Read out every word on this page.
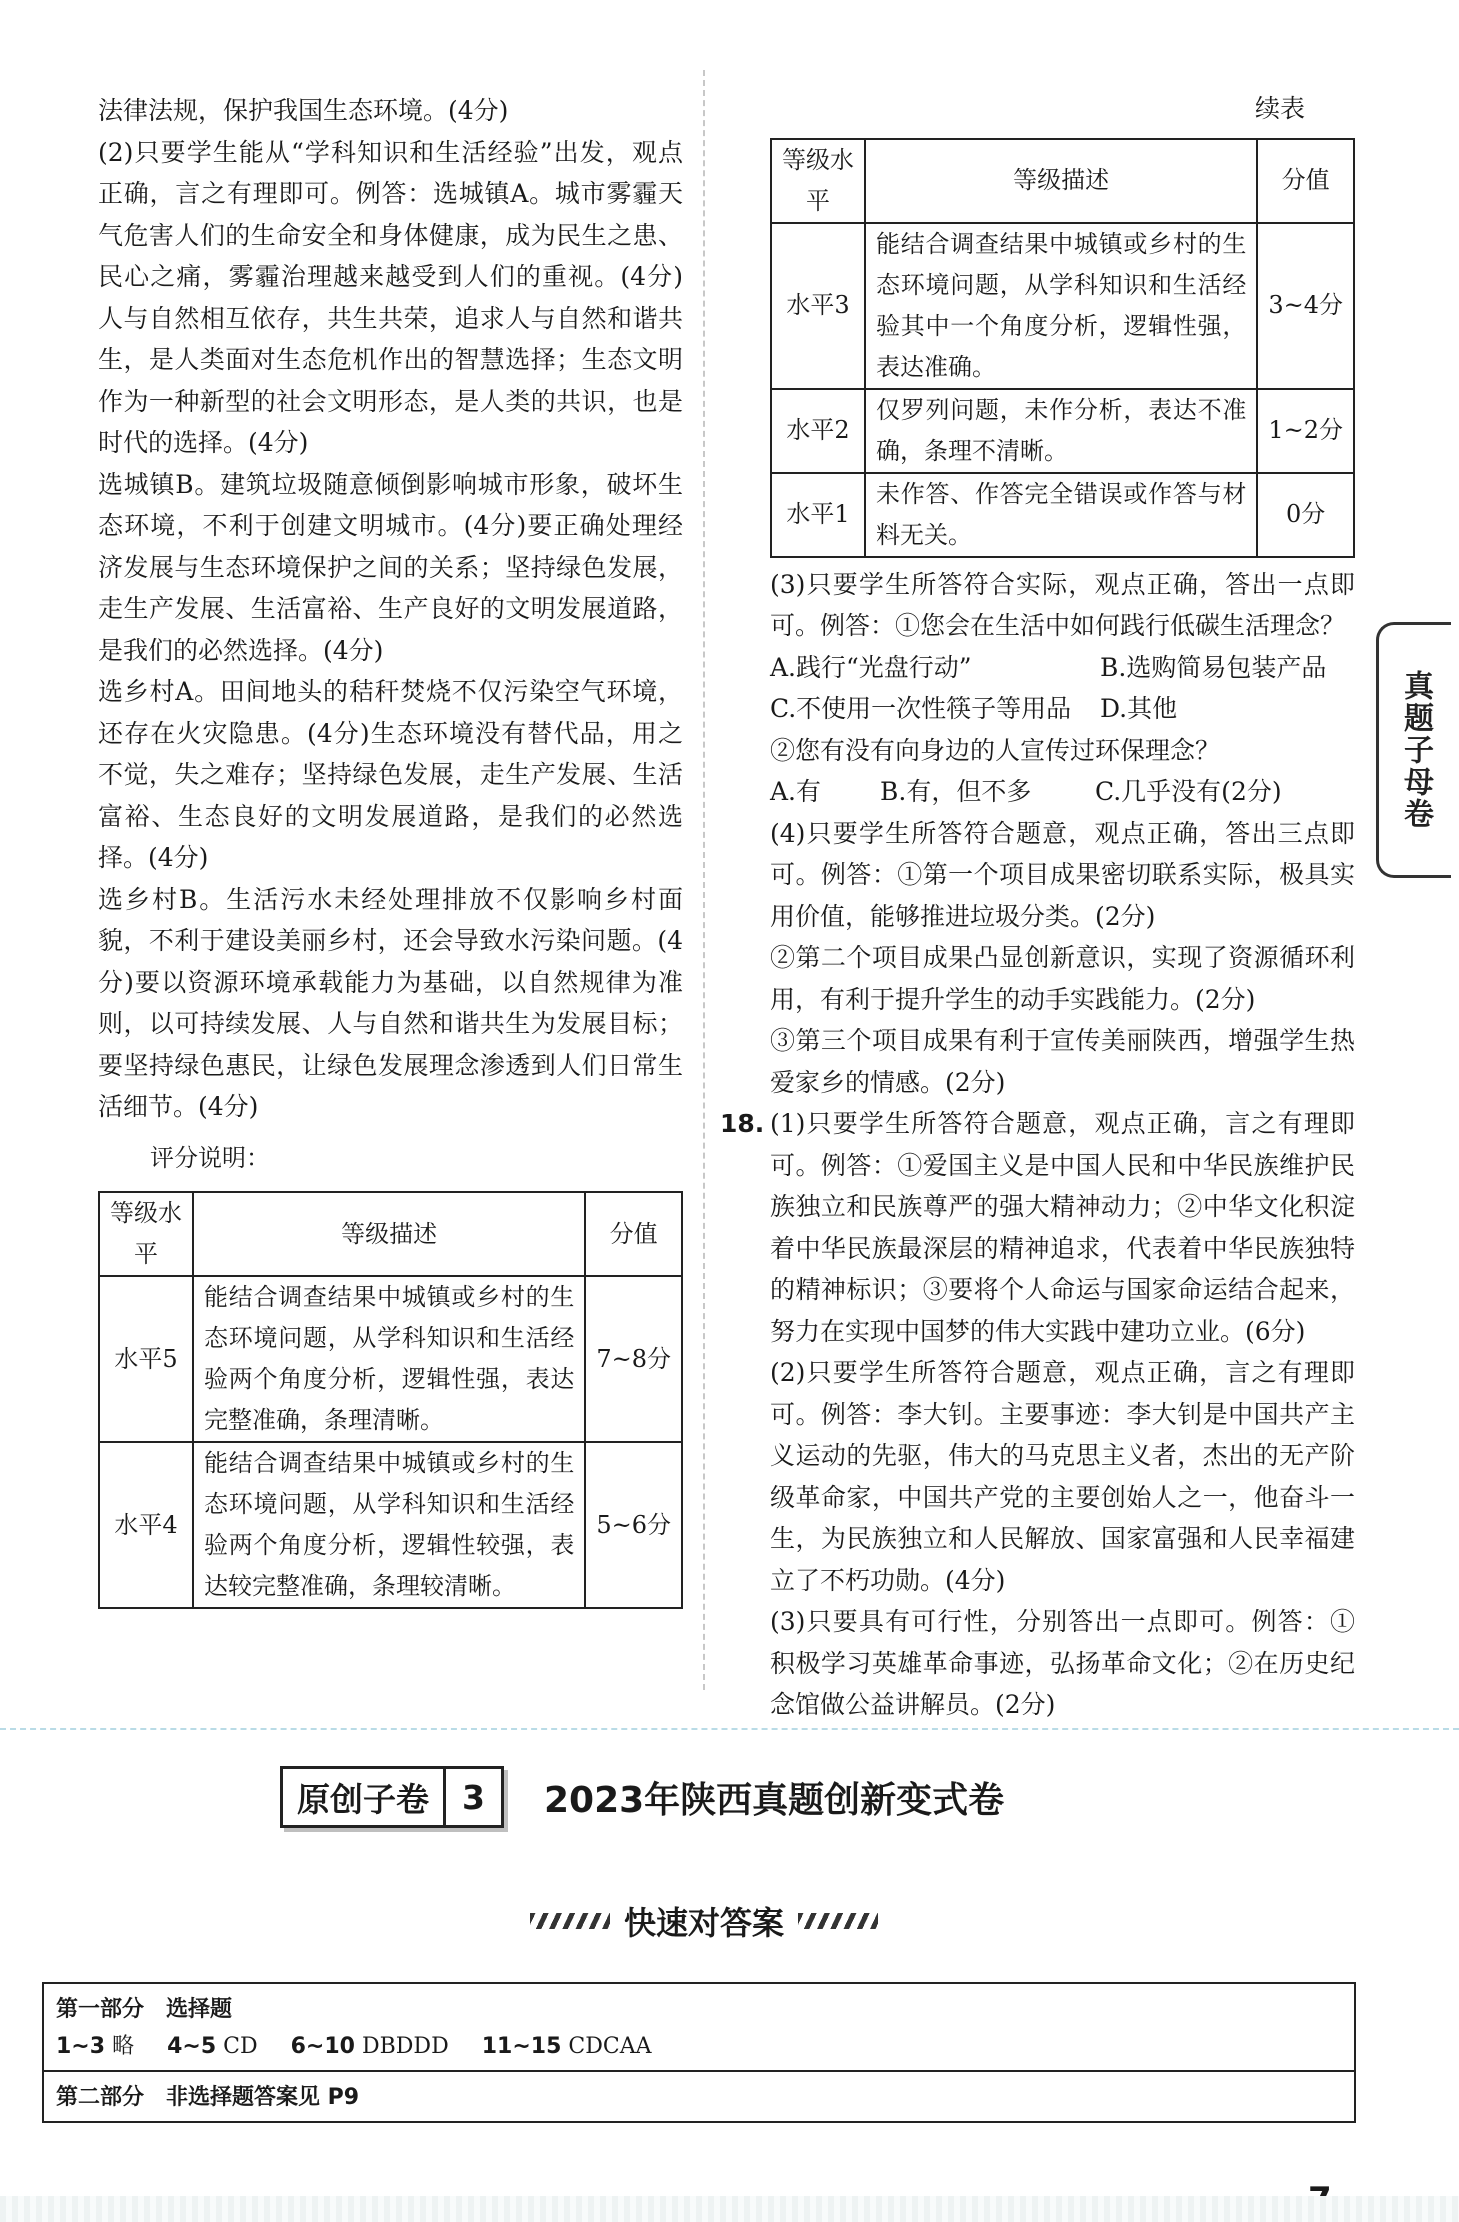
法律法规，保护我国生态环境。(4分)

(2)只要学生能从“学科知识和生活经验”出发，观点正确，言之有理即可。例答：选城镇A。城市雾霾天气危害人们的生命安全和身体健康，成为民生之患、民心之痛，雾霾治理越来越受到人们的重视。(4分)人与自然相互依存，共生共荣，追求人与自然和谐共生，是人类面对生态危机作出的智慧选择；生态文明作为一种新型的社会文明形态，是人类的共识，也是时代的选择。(4分)

选城镇B。建筑垃圾随意倾倒影响城市形象，破坏生态环境，不利于创建文明城市。(4分)要正确处理经济发展与生态环境保护之间的关系；坚持绿色发展，走生产发展、生活富裕、生产良好的文明发展道路，是我们的必然选择。(4分)

选乡村A。田间地头的秸秆焚烧不仅污染空气环境，还存在火灾隐患。(4分)生态环境没有替代品，用之不觉，失之难存；坚持绿色发展，走生产发展、生活富裕、生态良好的文明发展道路，是我们的必然选择。(4分)

选乡村B。生活污水未经处理排放不仅影响乡村面貌，不利于建设美丽乡村，还会导致水污染问题。(4分)要以资源环境承载能力为基础，以自然规律为准则，以可持续发展、人与自然和谐共生为发展目标；要坚持绿色惠民，让绿色发展理念渗透到人们日常生活细节。(4分)

评分说明：
等级水平	等级描述	分值
水平5	能结合调查结果中城镇或乡村的生态环境问题，从学科知识和生活经验两个角度分析，逻辑性强，表达完整准确，条理清晰。	7~8分
水平4	能结合调查结果中城镇或乡村的生态环境问题，从学科知识和生活经验两个角度分析，逻辑性较强，表达较完整准确，条理较清晰。	5~6分
续表
等级水平	等级描述	分值
水平3	能结合调查结果中城镇或乡村的生态环境问题，从学科知识和生活经验其中一个角度分析，逻辑性强，表达准确。	3~4分
水平2	仅罗列问题，未作分析，表达不准确，条理不清晰。	1~2分
水平1	未作答、作答完全错误或作答与材料无关。	0分

(3)只要学生所答符合实际，观点正确，答出一点即可。例答：①您会在生活中如何践行低碳生活理念？

A.践行“光盘行动”	B.选购简易包装产品

C.不使用一次性筷子等用品 D.其他

②您有没有向身边的人宣传过环保理念？

A.有 B.有，但不多	C.几乎没有(2分)

(4)只要学生所答符合题意，观点正确，答出三点即可。例答：①第一个项目成果密切联系实际，极具实用价值，能够推进垃圾分类。(2分)

②第二个项目成果凸显创新意识，实现了资源循环利用，有利于提升学生的动手实践能力。(2分)

③第三个项目成果有利于宣传美丽陕西，增强学生热爱家乡的情感。(2分)

18. (1)只要学生所答符合题意，观点正确，言之有理即可。例答：①爱国主义是中国人民和中华民族维护民族独立和民族尊严的强大精神动力；②中华文化积淀着中华民族最深层的精神追求，代表着中华民族独特的精神标识；③要将个人命运与国家命运结合起来，努力在实现中国梦的伟大实践中建功立业。(6分)

(2)只要学生所答符合题意，观点正确，言之有理即可。例答：李大钊。主要事迹：李大钊是中国共产主义运动的先驱，伟大的马克思主义者，杰出的无产阶级革命家，中国共产党的主要创始人之一，他奋斗一生，为民族独立和人民解放、国家富强和人民幸福建立了不朽功勋。(4分)

(3)只要具有可行性，分别答出一点即可。例答：①积极学习英雄革命事迹，弘扬革命文化；②在历史纪念馆做公益讲解员。(2分)

真题子母卷
原创子卷	3	2023年陕西真题创新变式卷
快速对答案
第一部分　选择题
1~3 略 4~5 CD 6~10 DBDDD 11~15 CDCAA
第二部分　非选择题答案见 P9
